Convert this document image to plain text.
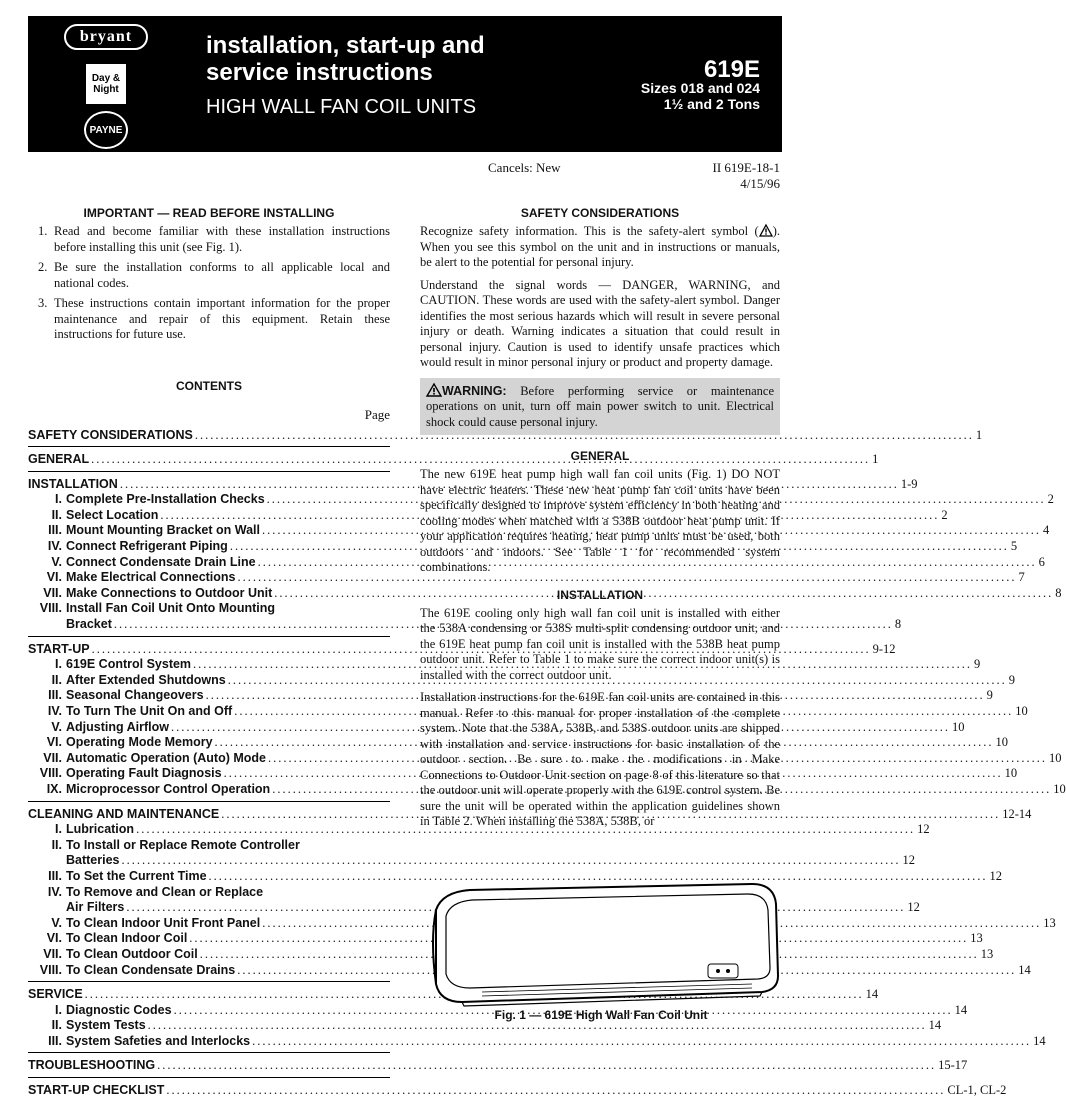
bryant
Day &
Night
PAYNE
installation, start-up and
service instructions
HIGH WALL FAN COIL UNITS
619E
Sizes 018 and 024
1½ and 2 Tons
Cancels: New	II 619E-18-1
4/15/96
IMPORTANT — READ BEFORE INSTALLING
1. Read and become familiar with these installation instructions before installing this unit (see Fig. 1).
2. Be sure the installation conforms to all applicable local and national codes.
3. These instructions contain important information for the proper maintenance and repair of this equipment. Retain these instructions for future use.
CONTENTS
Page
SAFETY CONSIDERATIONS .....	1
GENERAL .....	1
INSTALLATION .....	1-9
I. Complete Pre-Installation Checks .....	2
II. Select Location .....	2
III. Mount Mounting Bracket on Wall .....	4
IV. Connect Refrigerant Piping .....	5
V. Connect Condensate Drain Line .....	6
VI. Make Electrical Connections .....	7
VII. Make Connections to Outdoor Unit .....	8
VIII. Install Fan Coil Unit Onto Mounting
Bracket .....	8
START-UP .....	9-12
I. 619E Control System .....	9
II. After Extended Shutdowns .....	9
III. Seasonal Changeovers .....	9
IV. To Turn The Unit On and Off .....	10
V. Adjusting Airflow .....	10
VI. Operating Mode Memory .....	10
VII. Automatic Operation (Auto) Mode .....	10
VIII. Operating Fault Diagnosis .....	10
IX. Microprocessor Control Operation .....	10
CLEANING AND MAINTENANCE .....	12-14
I. Lubrication .....	12
II. To Install or Replace Remote Controller
Batteries .....	12
III. To Set the Current Time .....	12
IV. To Remove and Clean or Replace
Air Filters .....	12
V. To Clean Indoor Unit Front Panel .....	13
VI. To Clean Indoor Coil .....	13
VII. To Clean Outdoor Coil .....	13
VIII. To Clean Condensate Drains .....	14
SERVICE .....	14
I. Diagnostic Codes .....	14
II. System Tests .....	14
III. System Safeties and Interlocks .....	14
TROUBLESHOOTING .....	15-17
START-UP CHECKLIST .....	CL-1, CL-2
SAFETY CONSIDERATIONS
Recognize safety information. This is the safety-alert symbol ( ). When you see this symbol on the unit and in instructions or manuals, be alert to the potential for personal injury.
Understand the signal words — DANGER, WARNING, and CAUTION. These words are used with the safety-alert symbol. Danger identifies the most serious hazards which will result in severe personal injury or death. Warning indicates a situation that could result in personal injury. Caution is used to identify unsafe practices which would result in minor personal injury or product and property damage.
WARNING: Before performing service or maintenance operations on unit, turn off main power switch to unit. Electrical shock could cause personal injury.
GENERAL
The new 619E heat pump high wall fan coil units (Fig. 1) DO NOT have electric heaters. These new heat pump fan coil units have been specifically designed to improve system efficiency in both heating and cooling modes when matched with a 538B outdoor heat pump unit. If your application requires heating, heat pump units must be used, both outdoors and indoors. See Table 1 for recommended system combinations.
INSTALLATION
The 619E cooling only high wall fan coil unit is installed with either the 538A condensing or 538S multi-split condensing outdoor unit, and the 619E heat pump fan coil unit is installed with the 538B heat pump outdoor unit. Refer to Table 1 to make sure the correct indoor unit(s) is installed with the correct outdoor unit.
Installation instructions for the 619E fan coil units are contained in this manual. Refer to this manual for proper installation of the complete system. Note that the 538A, 538B, and 538S outdoor units are shipped with installation and service instructions for basic installation of the outdoor section. Be sure to make the modifications in Make Connections to Outdoor Unit section on page 8 of this literature so that the outdoor unit will operate properly with the 619E control system. Be sure the unit will be operated within the application guidelines shown in Table 2. When installing the 538A, 538B, or
Fig. 1 — 619E High Wall Fan Coil Unit
